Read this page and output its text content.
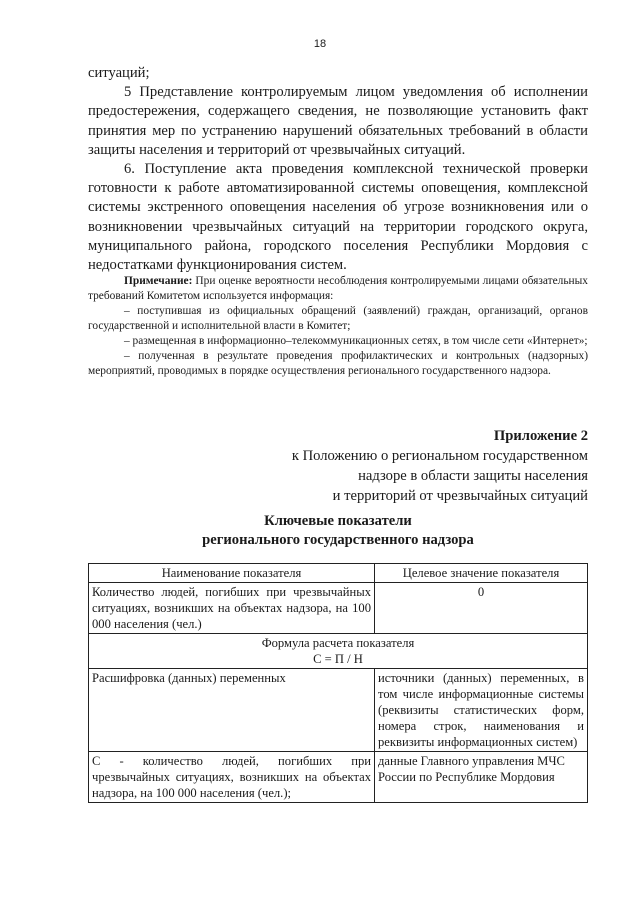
18

ситуаций;

5 Представление контролируемым лицом уведомления об исполнении предостережения, содержащего сведения, не позволяющие установить факт принятия мер по устранению нарушений обязательных требований в области защиты населения и территорий от чрезвычайных ситуаций.

6. Поступление акта проведения комплексной технической проверки готовности к работе автоматизированной системы оповещения, комплексной системы экстренного оповещения населения об угрозе возникновения или о возникновении чрезвычайных ситуаций на территории городского округа, муниципального района, городского поселения Республики Мордовия с недостатками функционирования систем.

Примечание: При оценке вероятности несоблюдения контролируемыми лицами обязательных требований Комитетом используется информация:

– поступившая из официальных обращений (заявлений) граждан, организаций, органов государственной и исполнительной власти в Комитет;

– размещенная в информационно–телекоммуникационных сетях, в том числе сети «Интернет»;

– полученная в результате проведения профилактических и контрольных (надзорных) мероприятий, проводимых в порядке осуществления регионального государственного надзора.

Приложение 2
к Положению о региональном государственном
надзоре в области защиты населения
и территорий от чрезвычайных ситуаций
Ключевые показатели
регионального государственного надзора
Наименование показателя	Целевое значение показателя
Количество людей, погибших при чрезвычайных ситуациях, возникших на объектах надзора, на 100 000 населения (чел.)	0

Формула расчета показателя
С = П / Н	

Расшифровка (данных) переменных	источники (данных) переменных, в том числе информационные системы (реквизиты статистических форм, номера строк, наименования и реквизиты информационных систем)
С - количество людей, погибших при чрезвычайных ситуациях, возникших на объектах надзора, на 100 000 населения (чел.);	данные Главного управления МЧС России по Республике Мордовия
